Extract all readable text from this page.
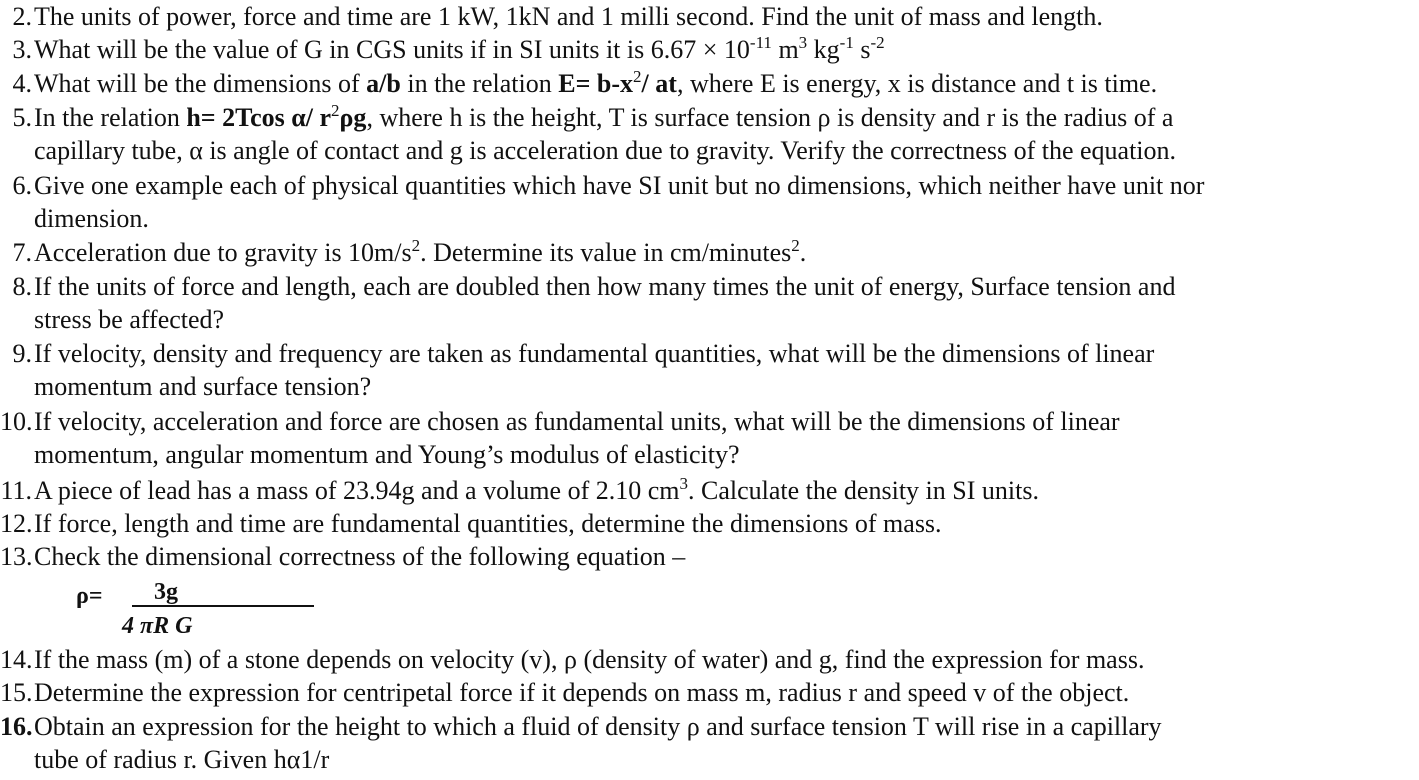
2. The units of power, force and time are 1 kW, 1kN and 1 milli second. Find the unit of mass and length.
3. What will be the value of G in CGS units if in SI units it is $6.67 \times 10^{-11}$ $m^3$ $kg^{-1}$ $s^{-2}$
4. What will be the dimensions of a/b in the relation $E= b-x^2/$ at, where E is energy, x is distance and t is time.
5. In the relation h= 2Tcos α/ $r^2\rho g$, where h is the height, T is surface tension ρ is density and r is the radius of a
capillary tube, α is angle of contact and g is acceleration due to gravity. Verify the correctness of the equation.
6. Give one example each of physical quantities which have SI unit but no dimensions, which neither have unit nor
dimension.
7. Acceleration due to gravity is $10m/s^2$. Determine its value in cm/minutes$^2$.
8. If the units of force and length, each are doubled then how many times the unit of energy, Surface tension and
stress be affected?
9. If velocity, density and frequency are taken as fundamental quantities, what will be the dimensions of linear
momentum and surface tension?
10. If velocity, acceleration and force are chosen as fundamental units, what will be the dimensions of linear
momentum, angular momentum and Young’s modulus of elasticity?
11. A piece of lead has a mass of 23.94g and a volume of 2.10 $cm^3$. Calculate the density in SI units.
12. If force, length and time are fundamental quantities, determine the dimensions of mass.
13. Check the dimensional correctness of the following equation –
ρ= 3g
4 πR G
14. If the mass (m) of a stone depends on velocity (v), ρ (density of water) and g, find the expression for mass.
15. Determine the expression for centripetal force if it depends on mass m, radius r and speed v of the object.
16. Obtain an expression for the height to which a fluid of density ρ and surface tension T will rise in a capillary
tube of radius r. Given hα1/r
